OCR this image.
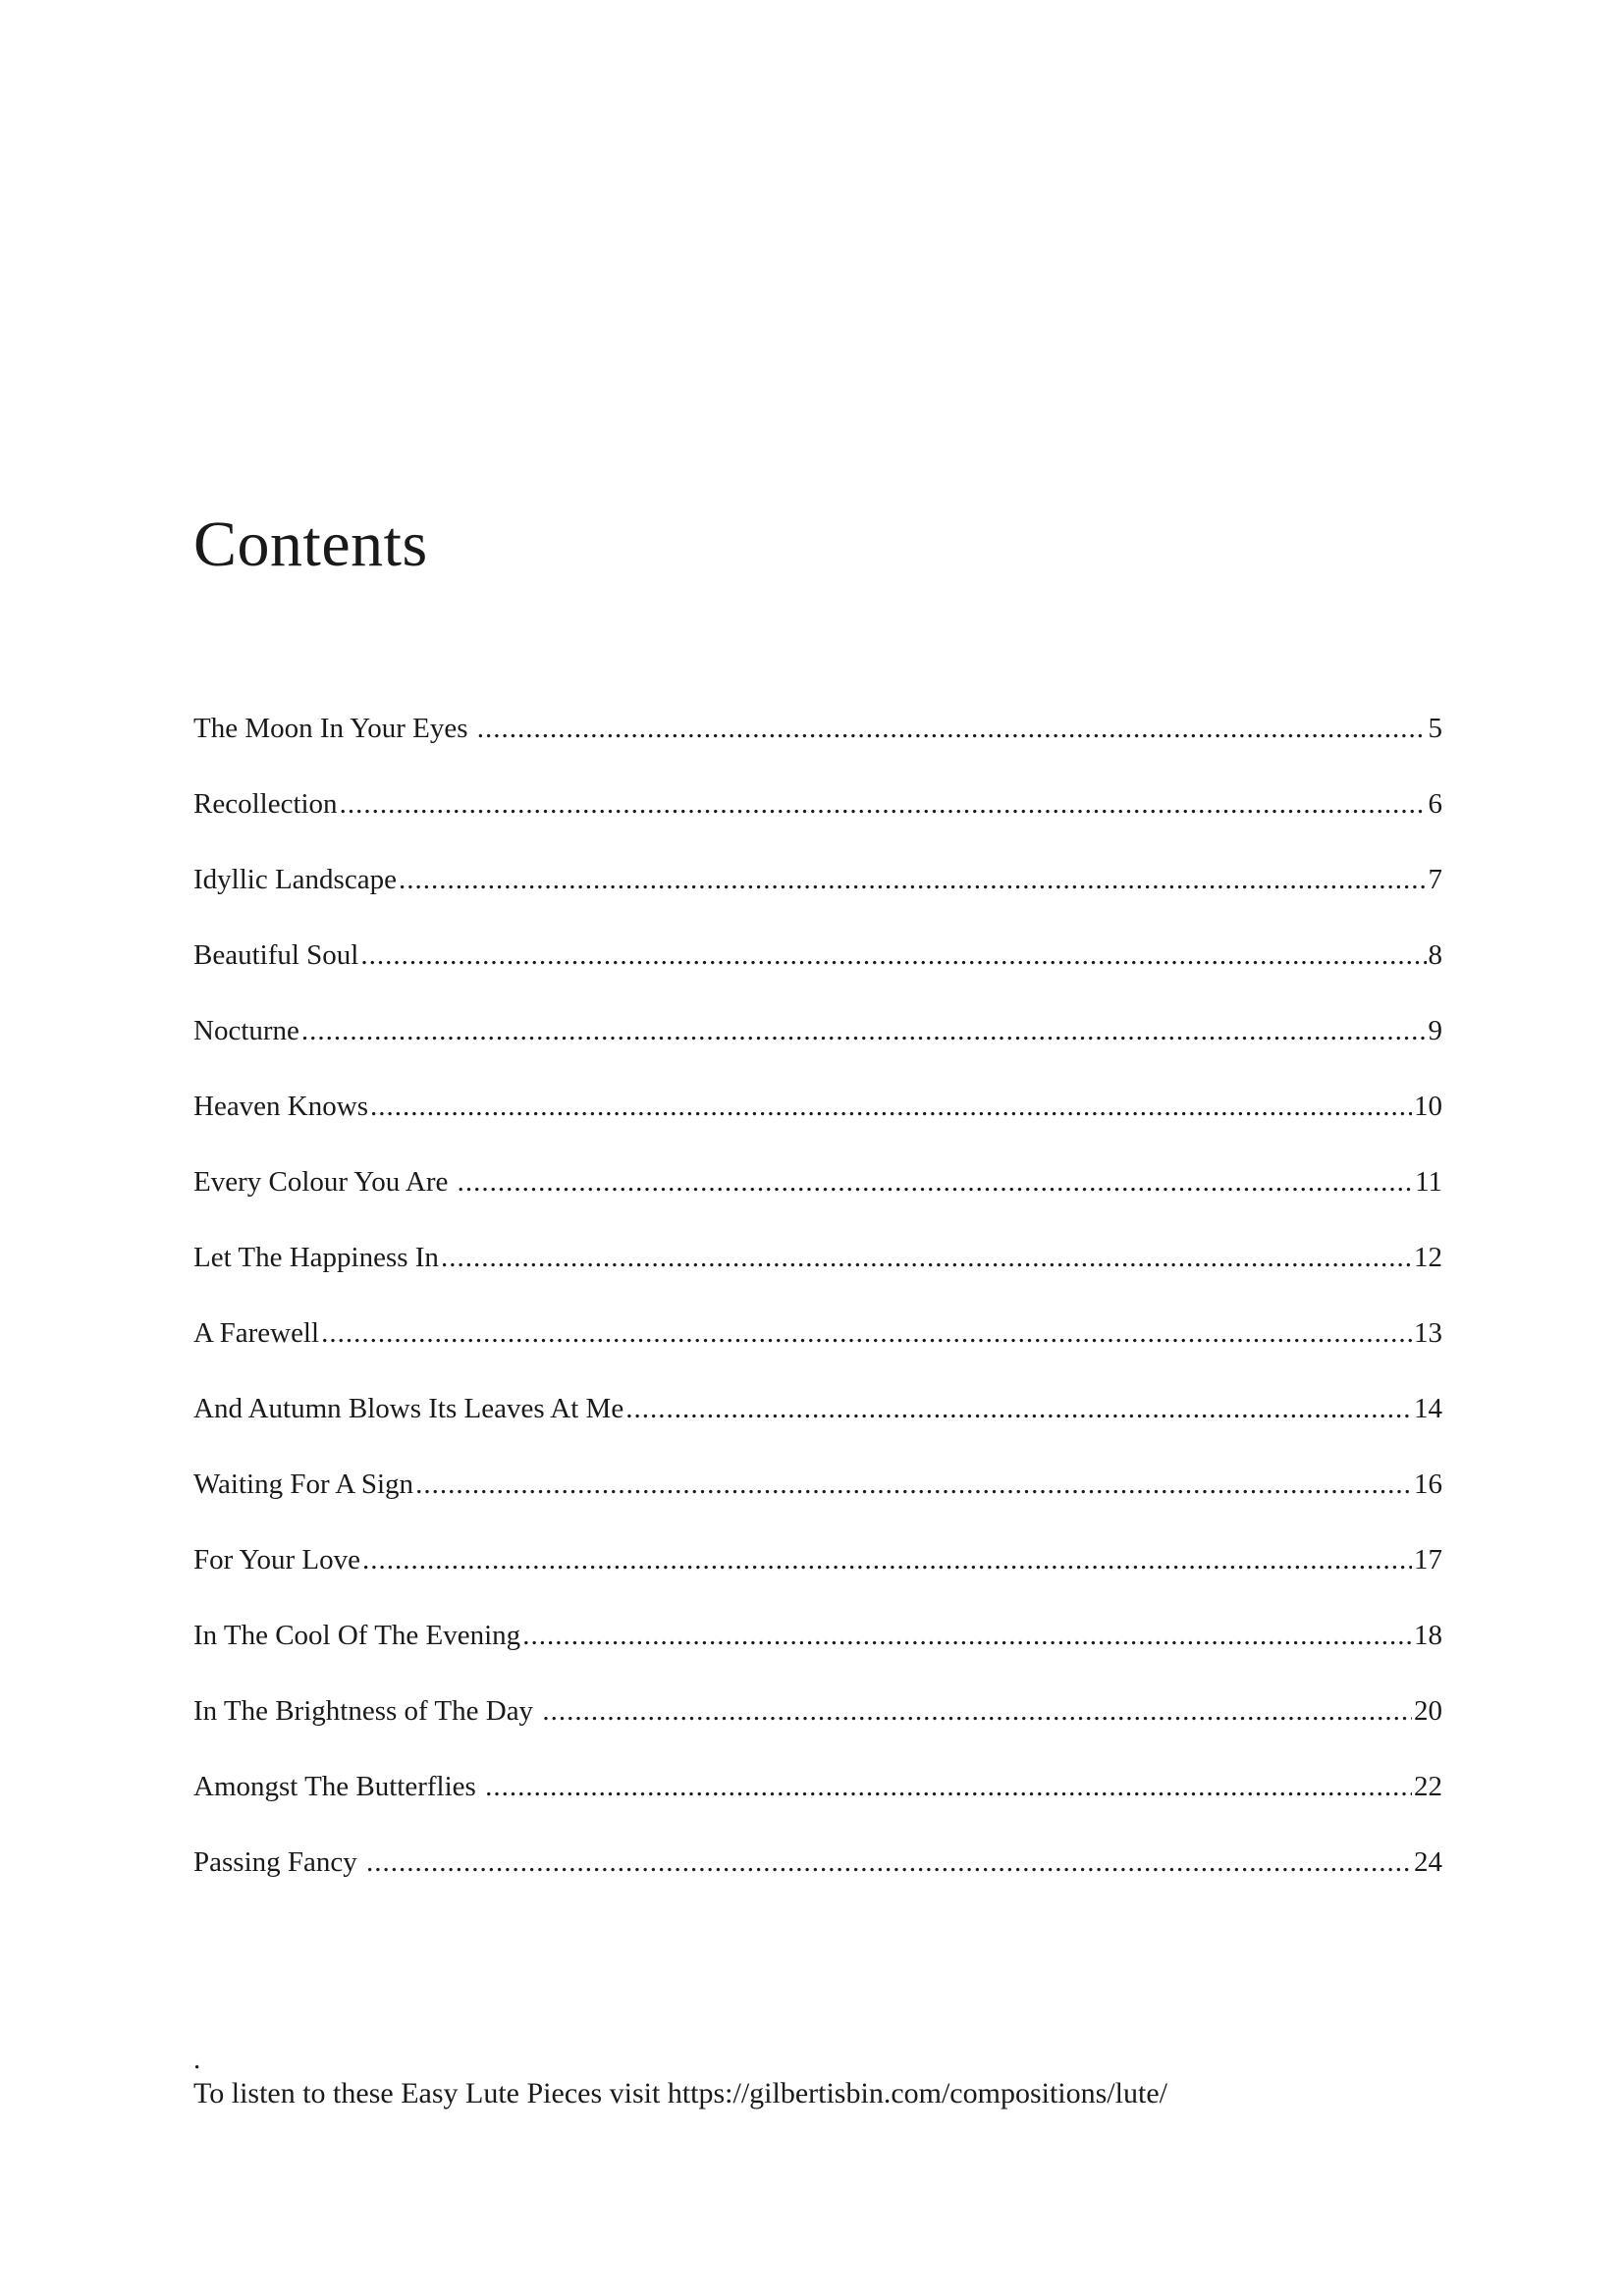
Contents
The Moon In Your Eyes .....	5
Recollection .....	6
Idyllic Landscape .....	7
Beautiful Soul .....	8
Nocturne .....	9
Heaven Knows .....	10
Every Colour You Are .....	11
Let The Happiness In .....	12
A Farewell .....	13
And Autumn Blows Its Leaves At Me .....	14
Waiting For A Sign .....	16
For Your Love .....	17
In The Cool Of The Evening .....	18
In The Brightness of The Day .....	20
Amongst The Butterflies .....	22
Passing Fancy .....	24
.
To listen to these Easy Lute Pieces visit https://gilbertisbin.com/compositions/lute/
